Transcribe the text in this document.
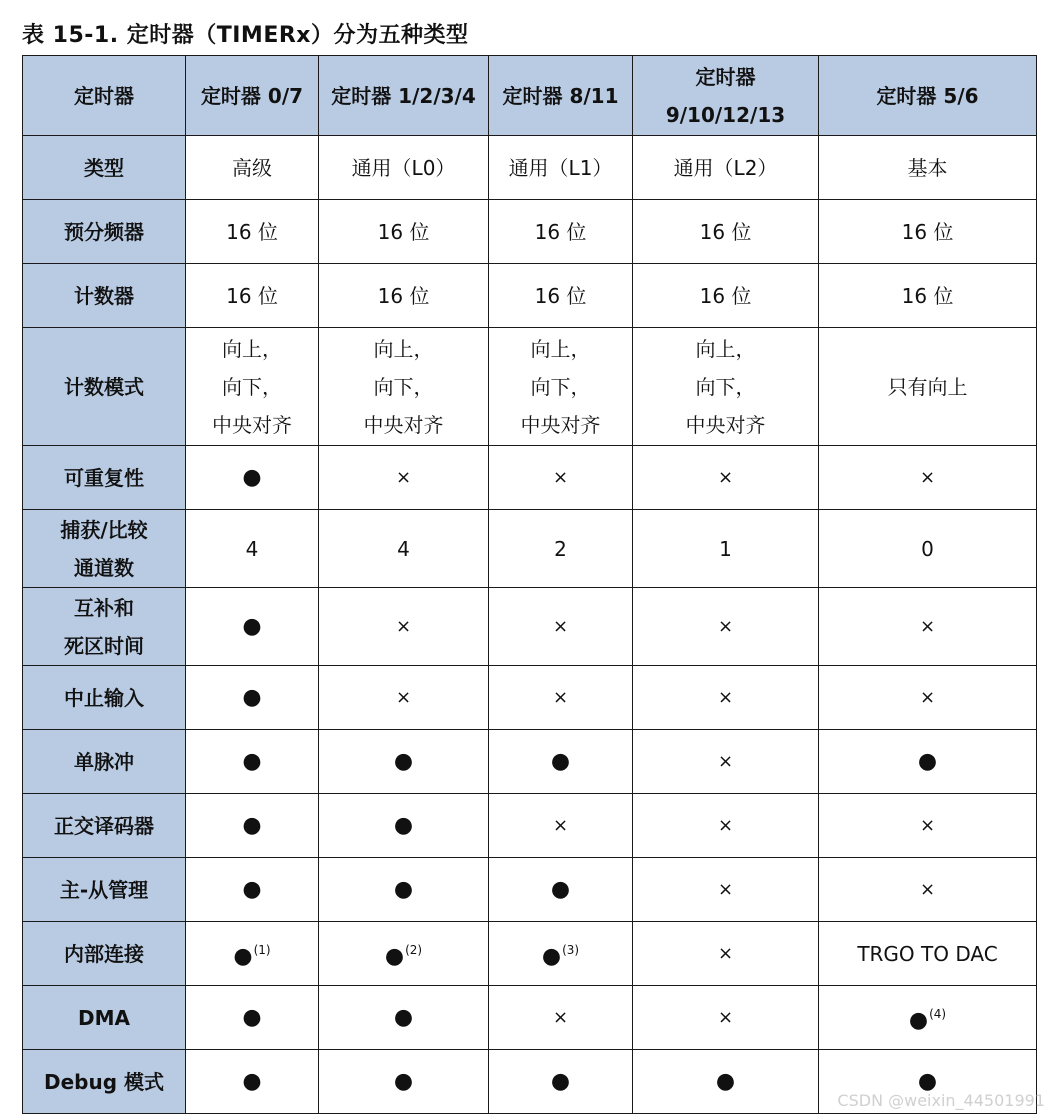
表 15-1. 定时器（TIMERx）分为五种类型
定时器	定时器 0/7	定时器 1/2/3/4	定时器 8/11	定时器
9/10/12/13	定时器 5/6

类型	高级	通用（L0）	通用（L1）	通用（L2）	基本

预分频器	16 位	16 位	16 位	16 位	16 位

计数器	16 位	16 位	16 位	16 位	16 位

计数模式	向上，
向下，
中央对齐	向上，
向下，
中央对齐	向上，
向下，
中央对齐	向上，
向下，
中央对齐	只有向上

可重复性	●	×	×	×	×

捕获/比较
通道数	4	4	2	1	0

互补和
死区时间	●	×	×	×	×

中止输入	●	×	×	×	×

单脉冲	●	●	●	×	●

正交译码器	●	●	×	×	×

主-从管理	●	●	●	×	×

内部连接	●$^{(1)}$	●$^{(2)}$	●$^{(3)}$	×	TRGO TO DAC

DMA	●	●	×	×	●$^{(4)}$

Debug 模式	●	●	●	●	●
CSDN @weixin_44501991
